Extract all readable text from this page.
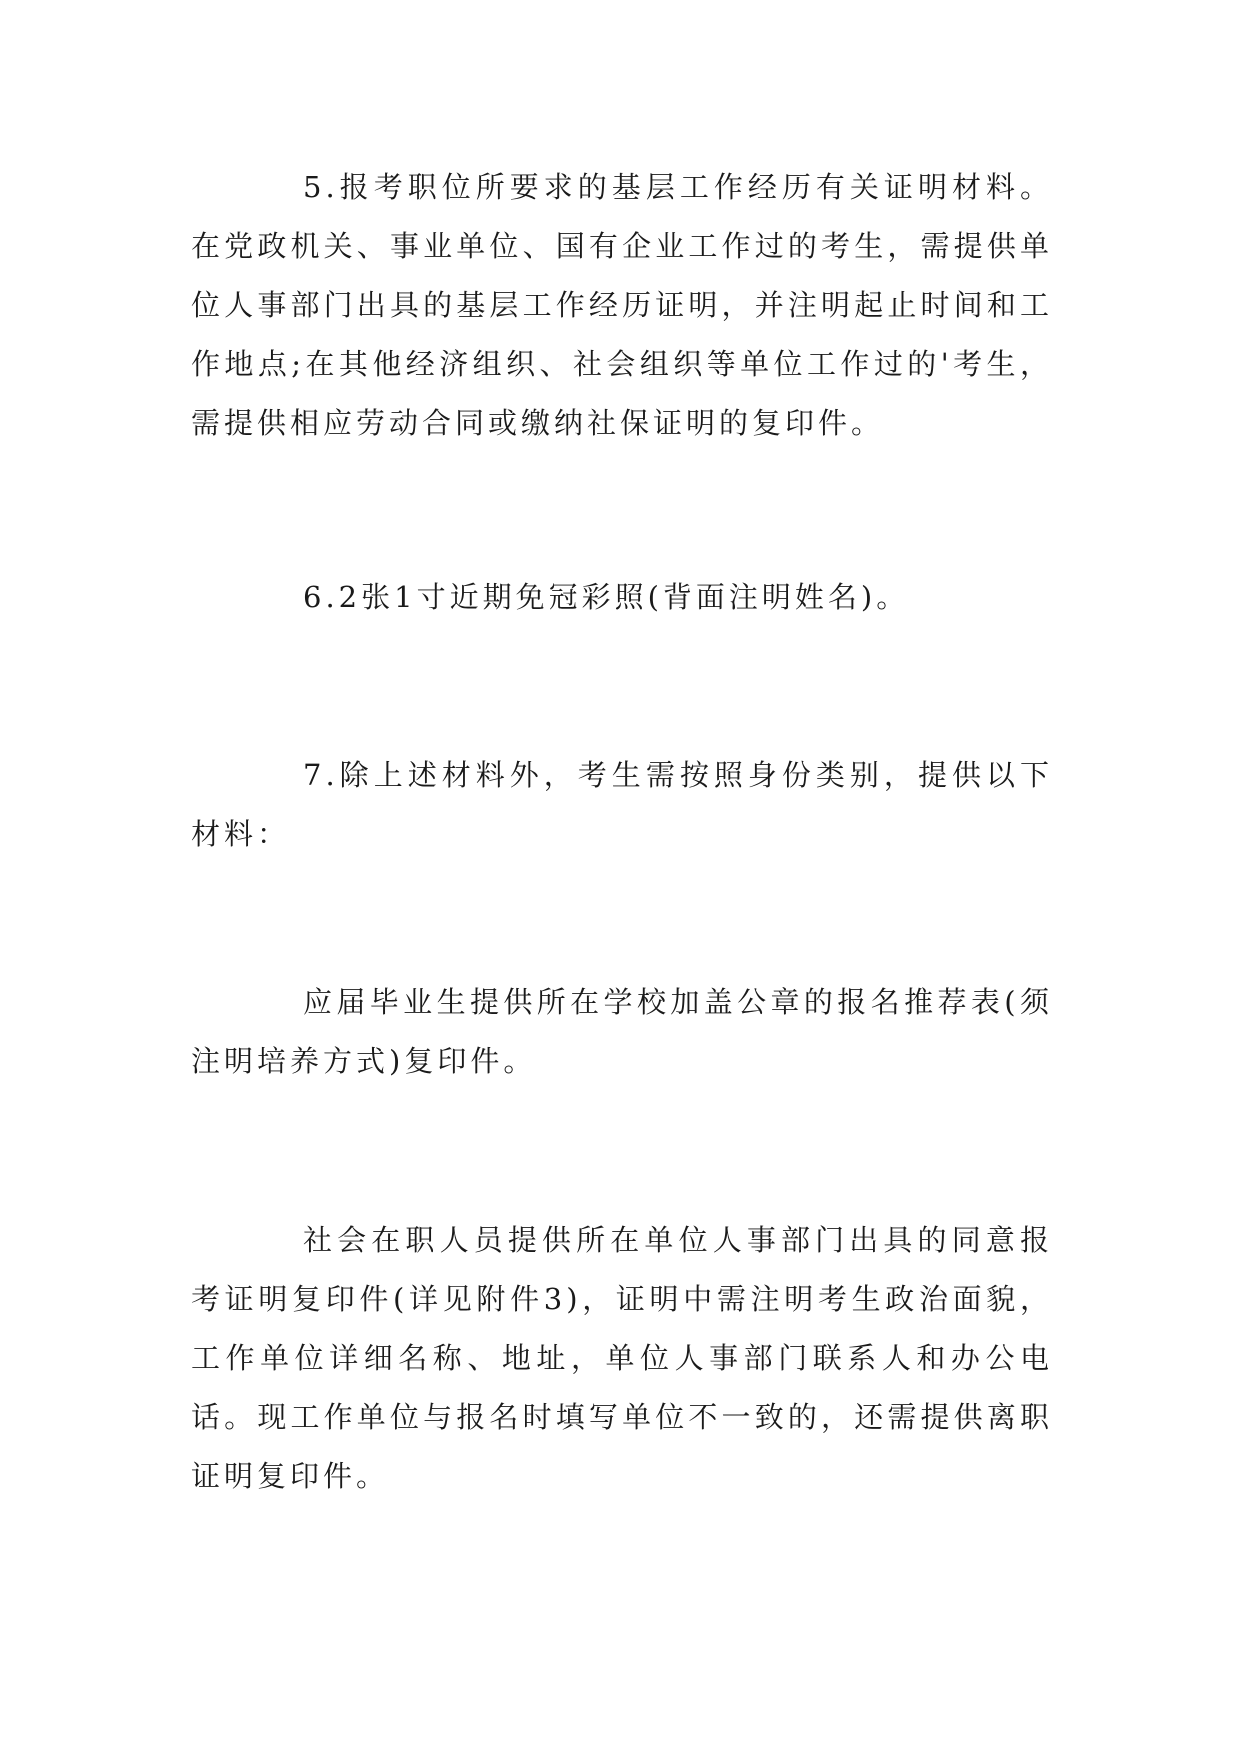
5.报考职位所要求的基层工作经历有关证明材料。在党政机关、事业单位、国有企业工作过的考生，需提供单位人事部门出具的基层工作经历证明，并注明起止时间和工作地点;在其他经济组织、社会组织等单位工作过的'考生，需提供相应劳动合同或缴纳社保证明的复印件。

6.2张1寸近期免冠彩照(背面注明姓名)。

7.除上述材料外，考生需按照身份类别，提供以下材料：

应届毕业生提供所在学校加盖公章的报名推荐表(须注明培养方式)复印件。

社会在职人员提供所在单位人事部门出具的同意报考证明复印件(详见附件3)，证明中需注明考生政治面貌，工作单位详细名称、地址，单位人事部门联系人和办公电话。现工作单位与报名时填写单位不一致的，还需提供离职证明复印件。
